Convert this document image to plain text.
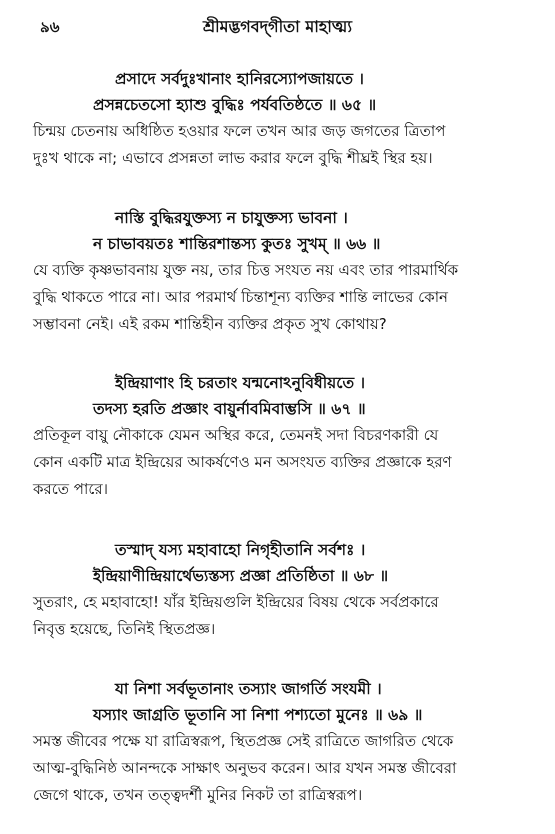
৯৬	শ্রীমদ্ভগবদ্‌গীতা মাহাত্ম্য
প্রসাদে সর্বদুঃখানাং হানিরস্যোপজায়তে ।
প্রসন্নচেতসো হ্যাশু বুদ্ধিঃ পর্যবতিষ্ঠতে ॥ ৬৫ ॥
চিন্ময় চেতনায় অধিষ্ঠিত হওয়ার ফলে তখন আর জড় জগতের ত্রিতাপ
দুঃখ থাকে না; এভাবে প্রসন্নতা লাভ করার ফলে বুদ্ধি শীঘ্রই স্থির হয়।
নাস্তি বুদ্ধিরযুক্তস্য ন চাযুক্তস্য ভাবনা ।
ন চাভাবয়তঃ শান্তিরশান্তস্য কুতঃ সুখম্ ॥ ৬৬ ॥
যে ব্যক্তি কৃষ্ণভাবনায় যুক্ত নয়, তার চিত্ত সংযত নয় এবং তার পারমার্থিক
বুদ্ধি থাকতে পারে না। আর পরমার্থ চিন্তাশূন্য ব্যক্তির শান্তি লাভের কোন
সম্ভাবনা নেই। এই রকম শান্তিহীন ব্যক্তির প্রকৃত সুখ কোথায়?
ইন্দ্রিয়াণাং হি চরতাং যন্মনোঽনুবিধীয়তে ।
তদস্য হরতি প্রজ্ঞাং বায়ুর্নাবমিবাম্ভসি ॥ ৬৭ ॥
প্রতিকূল বায়ু নৌকাকে যেমন অস্থির করে, তেমনই সদা বিচরণকারী যে
কোন একটি মাত্র ইন্দ্রিয়ের আকর্ষণেও মন অসংযত ব্যক্তির প্রজ্ঞাকে হরণ
করতে পারে।
তস্মাদ্ যস্য মহাবাহো নিগৃহীতানি সর্বশঃ ।
ইন্দ্রিয়াণীন্দ্রিয়ার্থেভ্যস্তস্য প্রজ্ঞা প্রতিষ্ঠিতা ॥ ৬৮ ॥
সুতরাং, হে মহাবাহো! যাঁর ইন্দ্রিয়গুলি ইন্দ্রিয়ের বিষয় থেকে সর্বপ্রকারে
নিবৃত্ত হয়েছে, তিনিই স্থিতপ্রজ্ঞ।
যা নিশা সর্বভূতানাং তস্যাং জাগর্তি সংযমী ।
যস্যাং জাগ্রতি ভূতানি সা নিশা পশ্যতো মুনেঃ ॥ ৬৯ ॥
সমস্ত জীবের পক্ষে যা রাত্রিস্বরূপ, স্থিতপ্রজ্ঞ সেই রাত্রিতে জাগরিত থেকে
আত্ম-বুদ্ধিনিষ্ঠ আনন্দকে সাক্ষাৎ অনুভব করেন। আর যখন সমস্ত জীবেরা
জেগে থাকে, তখন তত্ত্বদর্শী মুনির নিকট তা রাত্রিস্বরূপ।
